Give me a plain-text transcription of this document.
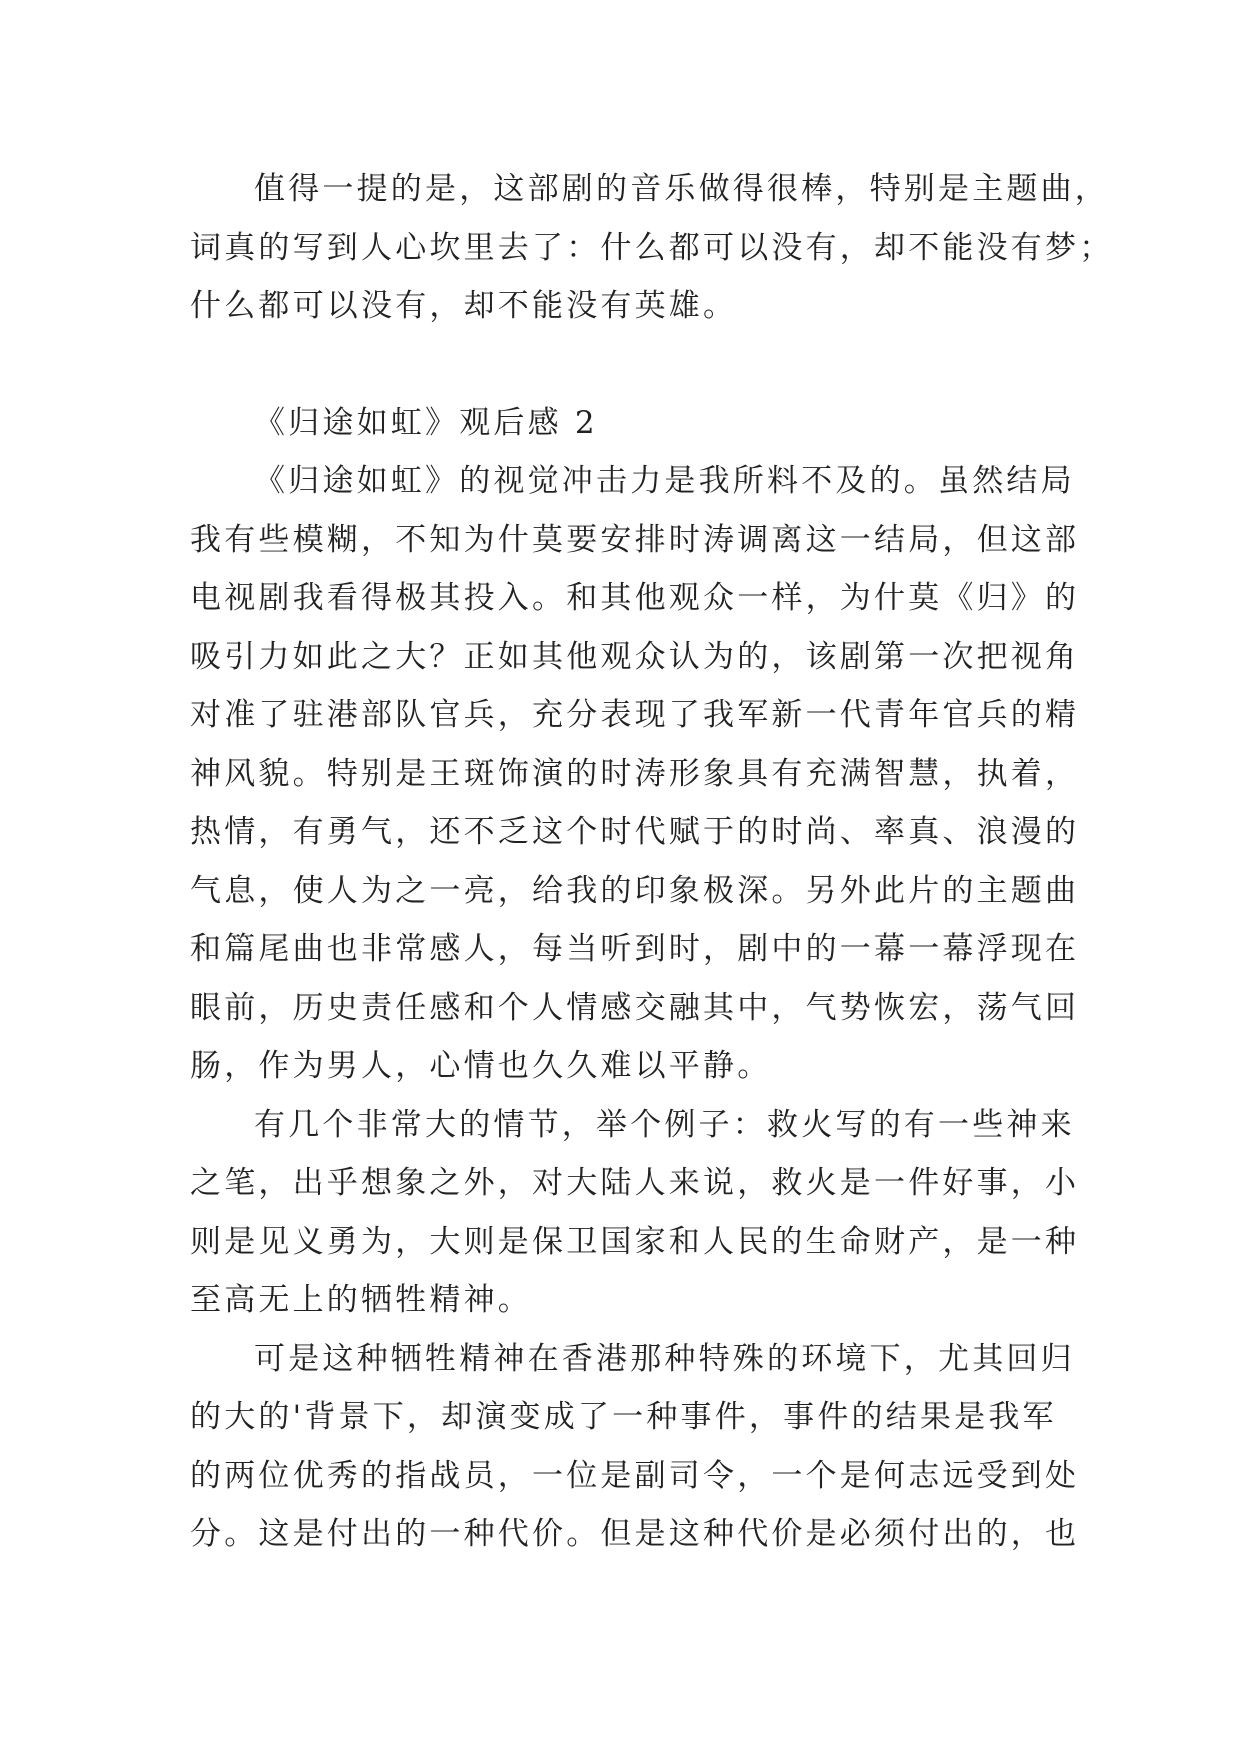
值得一提的是，这部剧的音乐做得很棒，特别是主题曲，
词真的写到人心坎里去了：什么都可以没有，却不能没有梦；
什么都可以没有，却不能没有英雄。
《归途如虹》观后感 2
《归途如虹》的视觉冲击力是我所料不及的。虽然结局
我有些模糊，不知为什莫要安排时涛调离这一结局，但这部
电视剧我看得极其投入。和其他观众一样，为什莫《归》的
吸引力如此之大？正如其他观众认为的，该剧第一次把视角
对准了驻港部队官兵，充分表现了我军新一代青年官兵的精
神风貌。特别是王斑饰演的时涛形象具有充满智慧，执着，
热情，有勇气，还不乏这个时代赋于的时尚、率真、浪漫的
气息，使人为之一亮，给我的印象极深。另外此片的主题曲
和篇尾曲也非常感人，每当听到时，剧中的一幕一幕浮现在
眼前，历史责任感和个人情感交融其中，气势恢宏，荡气回
肠，作为男人，心情也久久难以平静。
有几个非常大的情节，举个例子：救火写的有一些神来
之笔，出乎想象之外，对大陆人来说，救火是一件好事，小
则是见义勇为，大则是保卫国家和人民的生命财产，是一种
至高无上的牺牲精神。
可是这种牺牲精神在香港那种特殊的环境下，尤其回归
的大的'背景下，却演变成了一种事件，事件的结果是我军
的两位优秀的指战员，一位是副司令，一个是何志远受到处
分。这是付出的一种代价。但是这种代价是必须付出的，也
